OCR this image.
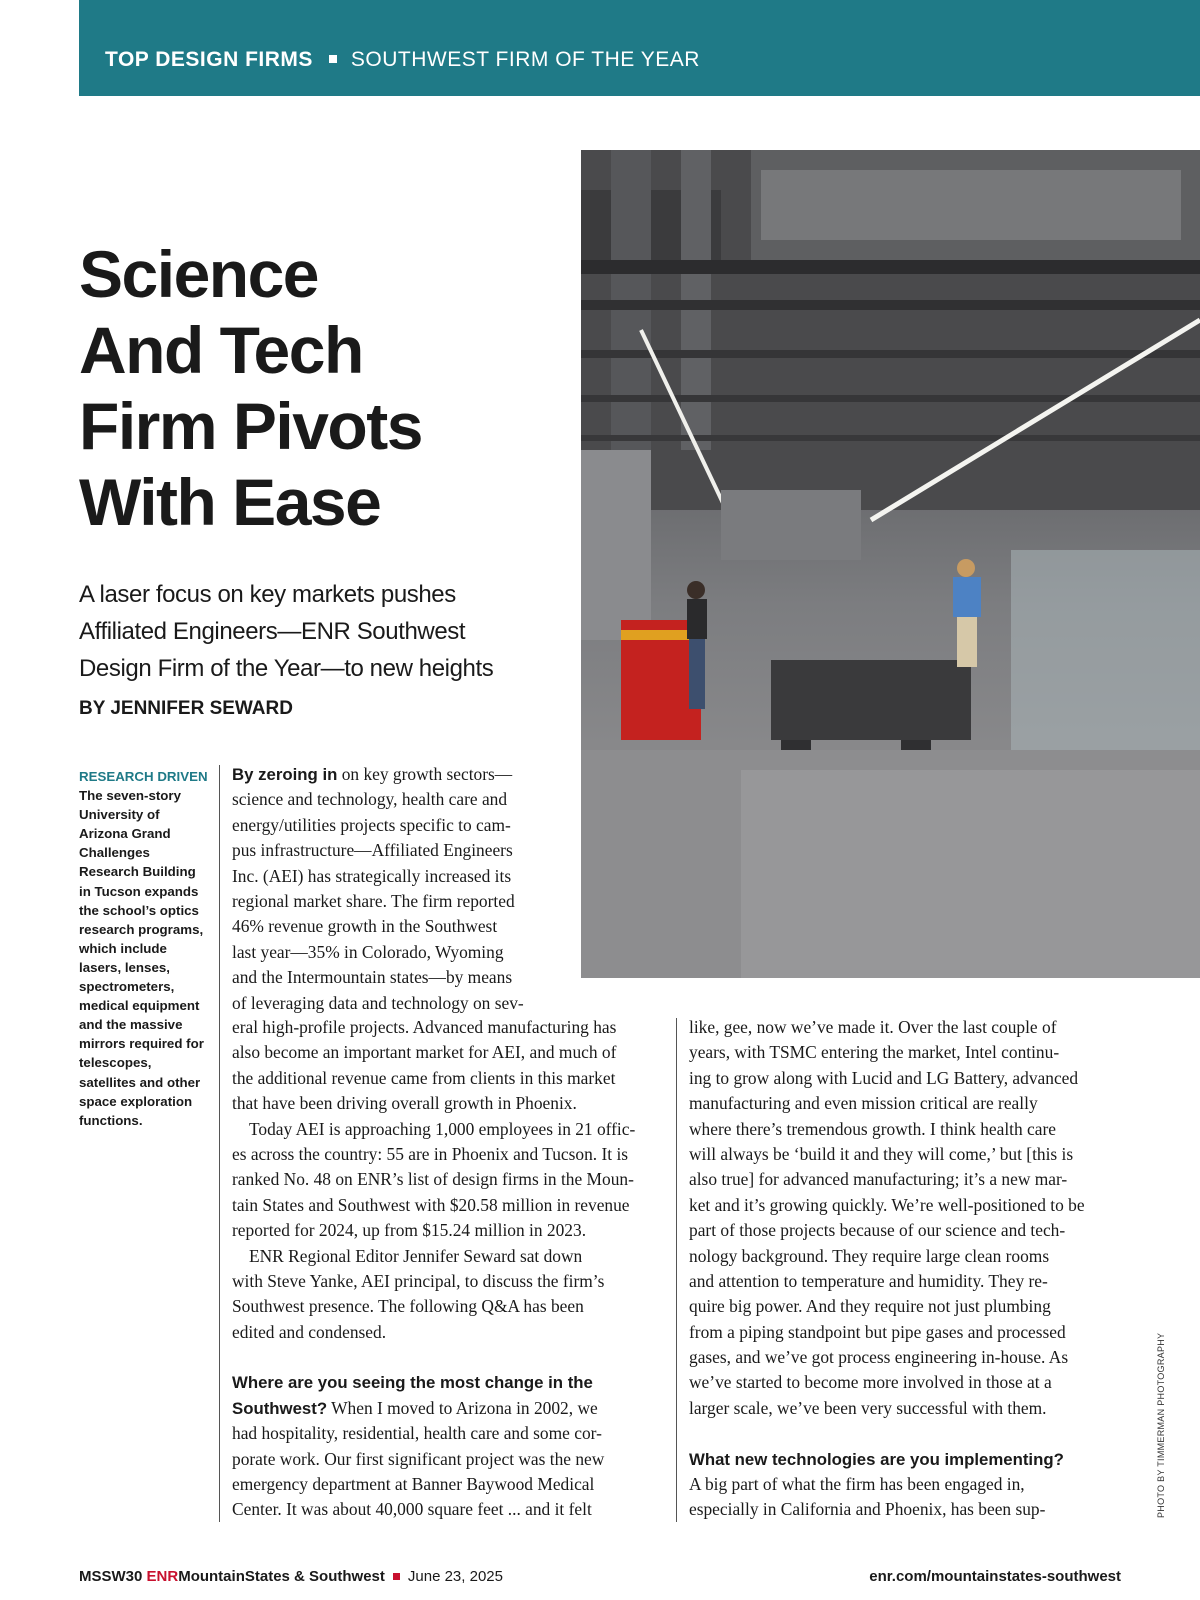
TOP DESIGN FIRMS SOUTHWEST FIRM OF THE YEAR
Science
And Tech
Firm Pivots
With Ease
A laser focus on key markets pushes
Affiliated Engineers—ENR Southwest
Design Firm of the Year—to new heights
BY JENNIFER SEWARD
RESEARCH DRIVEN The seven-story University of Arizona Grand Challenges Research Building in Tucson expands the school’s optics research programs, which include lasers, lenses, spectrometers, medical equipment and the massive mirrors required for telescopes, satellites and other space exploration functions.
By zeroing in on key growth sectors—
science and technology, health care and
energy/utilities projects specific to cam-
pus infrastructure—Affiliated Engineers
Inc. (AEI) has strategically increased its
regional market share. The firm reported
46% revenue growth in the Southwest
last year—35% in Colorado, Wyoming
and the Intermountain states—by means
of leveraging data and technology on sev-
eral high-profile projects. Advanced manufacturing has
also become an important market for AEI, and much of
the additional revenue came from clients in this market
that have been driving overall growth in Phoenix.
Today AEI is approaching 1,000 employees in 21 offic-
es across the country: 55 are in Phoenix and Tucson. It is
ranked No. 48 on ENR’s list of design firms in the Moun-
tain States and Southwest with $20.58 million in revenue
reported for 2024, up from $15.24 million in 2023.
ENR Regional Editor Jennifer Seward sat down
with Steve Yanke, AEI principal, to discuss the firm’s
Southwest presence. The following Q&A has been
edited and condensed.
Where are you seeing the most change in the
Southwest? When I moved to Arizona in 2002, we
had hospitality, residential, health care and some cor-
porate work. Our first significant project was the new
emergency department at Banner Baywood Medical
Center. It was about 40,000 square feet ... and it felt
like, gee, now we’ve made it. Over the last couple of
years, with TSMC entering the market, Intel continu-
ing to grow along with Lucid and LG Battery, advanced
manufacturing and even mission critical are really
where there’s tremendous growth. I think health care
will always be ‘build it and they will come,’ but [this is
also true] for advanced manufacturing; it’s a new mar-
ket and it’s growing quickly. We’re well-positioned to be
part of those projects because of our science and tech-
nology background. They require large clean rooms
and attention to temperature and humidity. They re-
quire big power. And they require not just plumbing
from a piping standpoint but pipe gases and processed
gases, and we’ve got process engineering in-house. As
we’ve started to become more involved in those at a
larger scale, we’ve been very successful with them.
What new technologies are you implementing?
A big part of what the firm has been engaged in,
especially in California and Phoenix, has been sup-	PHOTO BY TIMMERMAN PHOTOGRAPHY
MSSW30 ENRMountainStates & Southwest June 23, 2025	enr.com/mountainstates-southwest
